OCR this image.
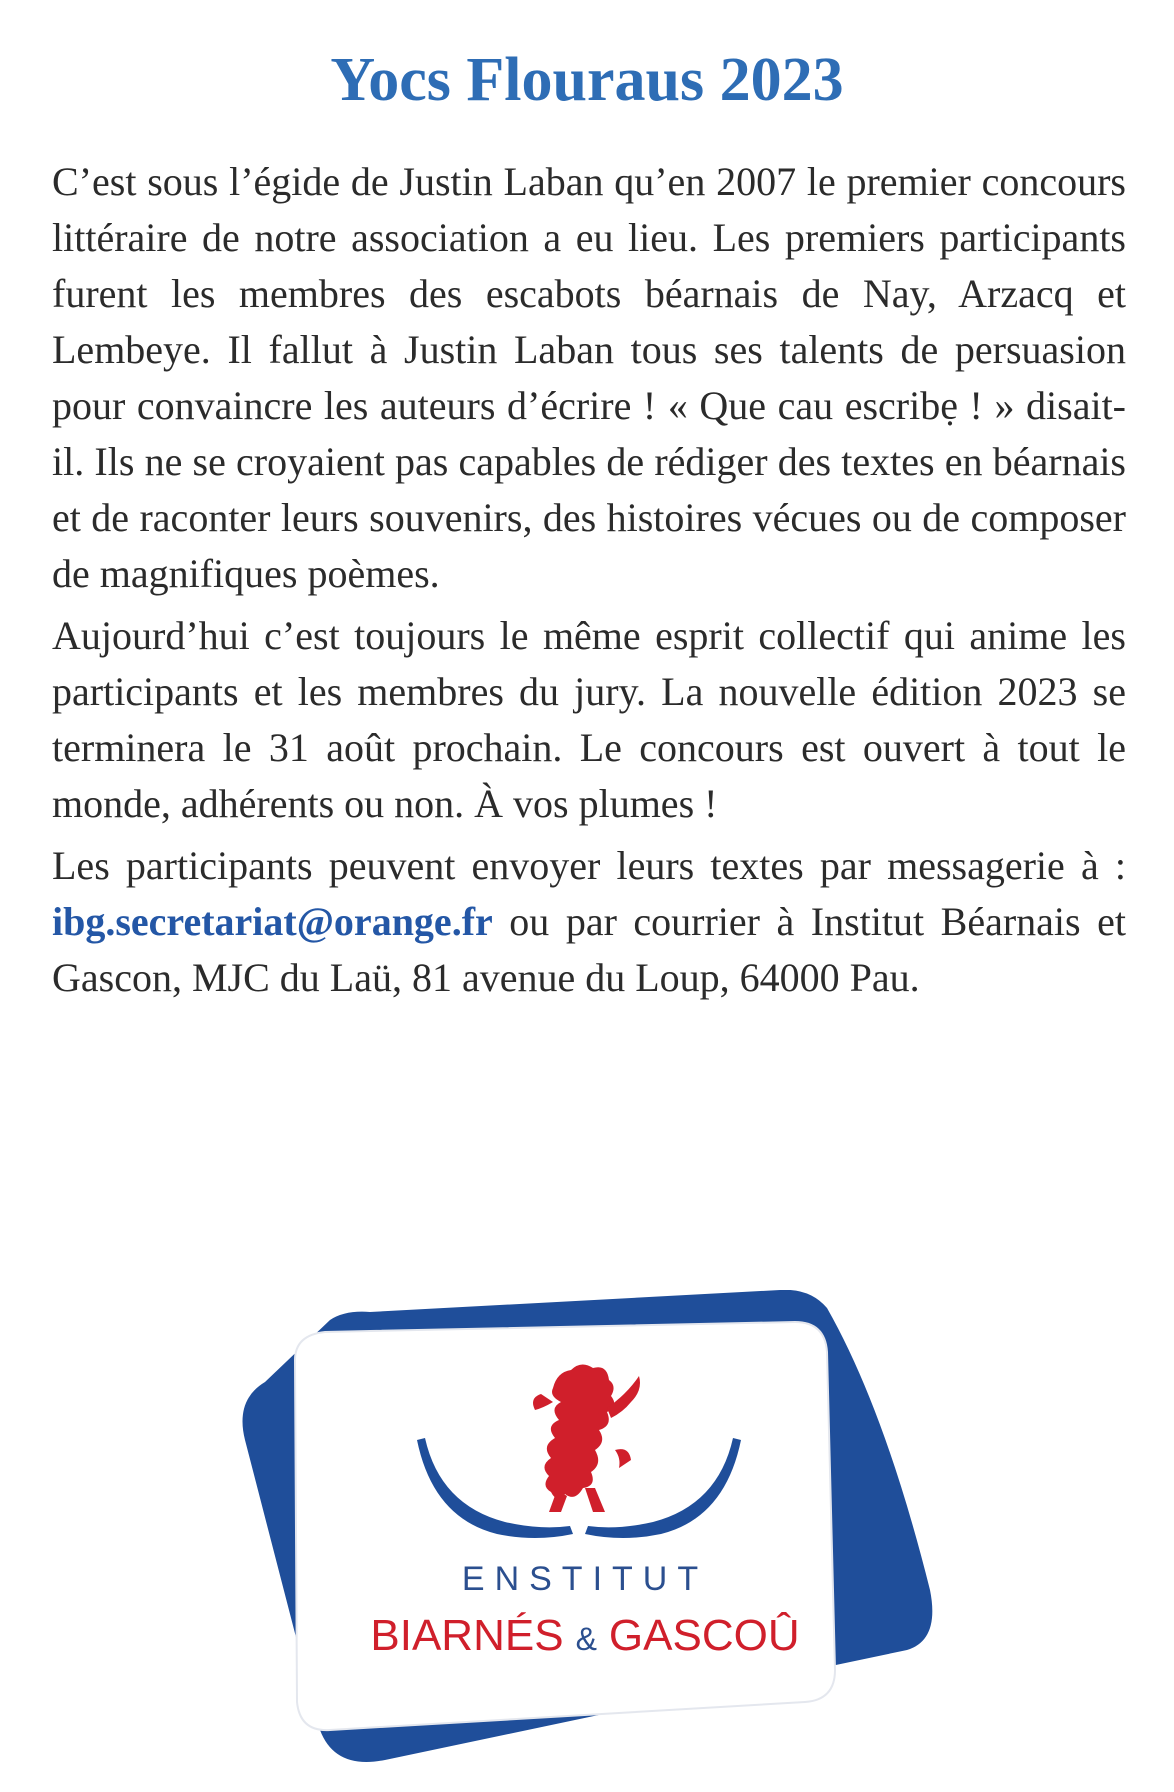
Yocs Flouraus 2023

C’est sous l’égide de Justin Laban qu’en 2007 le premier concours littéraire de notre association a eu lieu. Les premiers participants furent les membres des escabots béarnais de Nay, Arzacq et Lembeye. Il fallut à Justin Laban tous ses talents de persuasion pour convaincre les auteurs d’écrire ! « Que cau escribẹ ! » disait-il. Ils ne se croyaient pas capables de rédiger des textes en béarnais et de raconter leurs souvenirs, des histoires vécues ou de composer de magnifiques poèmes.

Aujourd’hui c’est toujours le même esprit collectif qui anime les participants et les membres du jury. La nouvelle édition 2023 se terminera le 31 août prochain. Le concours est ouvert à tout le monde, adhérents ou non. À vos plumes !

Les participants peuvent envoyer leurs textes par messagerie à : ibg.secretariat@orange.fr ou par courrier à Institut Béarnais et Gascon, MJC du Laü, 81 avenue du Loup, 64000 Pau.

ENSTITUT
BIARNÉS & GASCOÛ
